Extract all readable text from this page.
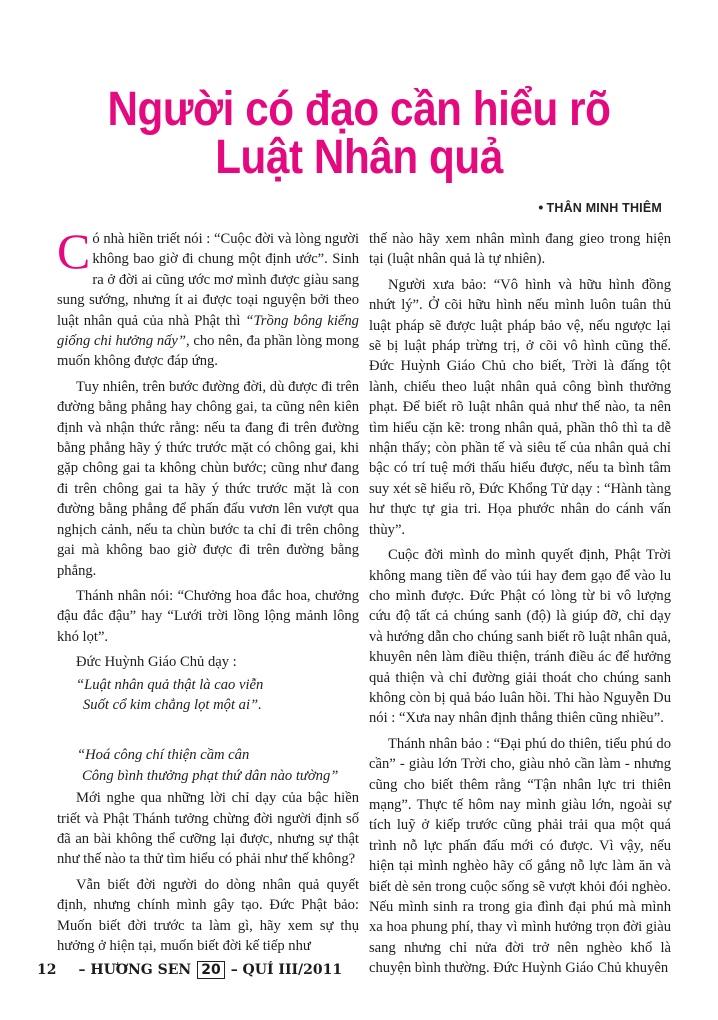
Người có đạo cần hiểu rõ
Luật Nhân quả
• THÂN MINH THIÊM

Có nhà hiền triết nói : “Cuộc đời và lòng người không bao giờ đi chung một định ước”. Sinh ra ở đời ai cũng ước mơ mình được giàu sang sung sướng, nhưng ít ai được toại nguyện bởi theo luật nhân quả của nhà Phật thì “Trồng bông kiểng giống chi hưởng nấy”, cho nên, đa phần lòng mong muốn không được đáp ứng.

Tuy nhiên, trên bước đường đời, dù được đi trên đường bằng phẳng hay chông gai, ta cũng nên kiên định và nhận thức rằng: nếu ta đang đi trên đường bằng phẳng hãy ý thức trước mặt có chông gai, khi gặp chông gai ta không chùn bước; cũng như đang đi trên chông gai ta hãy ý thức trước mặt là con đường bằng phẳng để phấn đấu vươn lên vượt qua nghịch cảnh, nếu ta chùn bước ta chỉ đi trên chông gai mà không bao giờ được đi trên đường bằng phẳng.

Thánh nhân nói: “Chưởng hoa đắc hoa, chưởng đậu đắc đậu” hay “Lưới trời lồng lộng mảnh lông khó lọt”.

Đức Huỳnh Giáo Chủ dạy :

“Luật nhân quả thật là cao viễn

Suốt cổ kim chẳng lọt một ai”.

“Hoá công chí thiện cầm cân

Công bình thưởng phạt thứ dân nào tường”

Mới nghe qua những lời chỉ dạy của bậc hiền triết và Phật Thánh tưởng chừng đời người định số đã an bài không thể cưỡng lại được, nhưng sự thật như thế nào ta thử tìm hiểu có phải như thế không?

Vẫn biết đời người do dòng nhân quả quyết định, nhưng chính mình gây tạo. Đức Phật bảo: Muốn biết đời trước ta làm gì, hãy xem sự thụ hưởng ở hiện tại, muốn biết đời kế tiếp như

thế nào hãy xem nhân mình đang gieo trong hiện tại (luật nhân quả là tự nhiên).

Người xưa bảo: “Vô hình và hữu hình đồng nhứt lý”. Ở cõi hữu hình nếu mình luôn tuân thủ luật pháp sẽ được luật pháp bảo vệ, nếu ngược lại sẽ bị luật pháp trừng trị, ở cõi vô hình cũng thế. Đức Huỳnh Giáo Chủ cho biết, Trời là đấng tột lành, chiếu theo luật nhân quả công bình thưởng phạt. Để biết rõ luật nhân quả như thế nào, ta nên tìm hiểu cặn kẽ: trong nhân quả, phần thô thì ta dễ nhận thấy; còn phần tế và siêu tế của nhân quả chỉ bậc có trí tuệ mới thấu hiểu được, nếu ta bình tâm suy xét sẽ hiểu rõ, Đức Khổng Tử dạy : “Hành tàng hư thực tự gia tri. Họa phước nhân do cánh vấn thùy”.

Cuộc đời mình do mình quyết định, Phật Trời không mang tiền để vào túi hay đem gạo để vào lu cho mình được. Đức Phật có lòng từ bi vô lượng cứu độ tất cả chúng sanh (độ) là giúp đỡ, chỉ dạy và hướng dẫn cho chúng sanh biết rõ luật nhân quả, khuyên nên làm điều thiện, tránh điều ác để hưởng quả thiện và chỉ đường giải thoát cho chúng sanh không còn bị quả báo luân hồi. Thi hào Nguyễn Du nói : “Xưa nay nhân định thắng thiên cũng nhiều”.

Thánh nhân bảo : “Đại phú do thiên, tiểu phú do cần” - giàu lớn Trời cho, giàu nhỏ cần làm - nhưng cũng cho biết thêm rằng “Tận nhân lực tri thiên mạng”. Thực tế hôm nay mình giàu lớn, ngoài sự tích luỹ ở kiếp trước cũng phải trải qua một quá trình nỗ lực phấn đấu mới có được. Vì vậy, nếu hiện tại mình nghèo hãy cố gắng nỗ lực làm ăn và biết dè sẻn trong cuộc sống sẽ vượt khỏi đói nghèo. Nếu mình sinh ra trong gia đình đại phú mà mình xa hoa phung phí, thay vì mình hưởng trọn đời giàu sang nhưng chỉ nửa đời trở nên nghèo khổ là chuyện bình thường. Đức Huỳnh Giáo Chủ khuyên

12 – HƯƠNG SEN 20 – QUÍ III/2011
